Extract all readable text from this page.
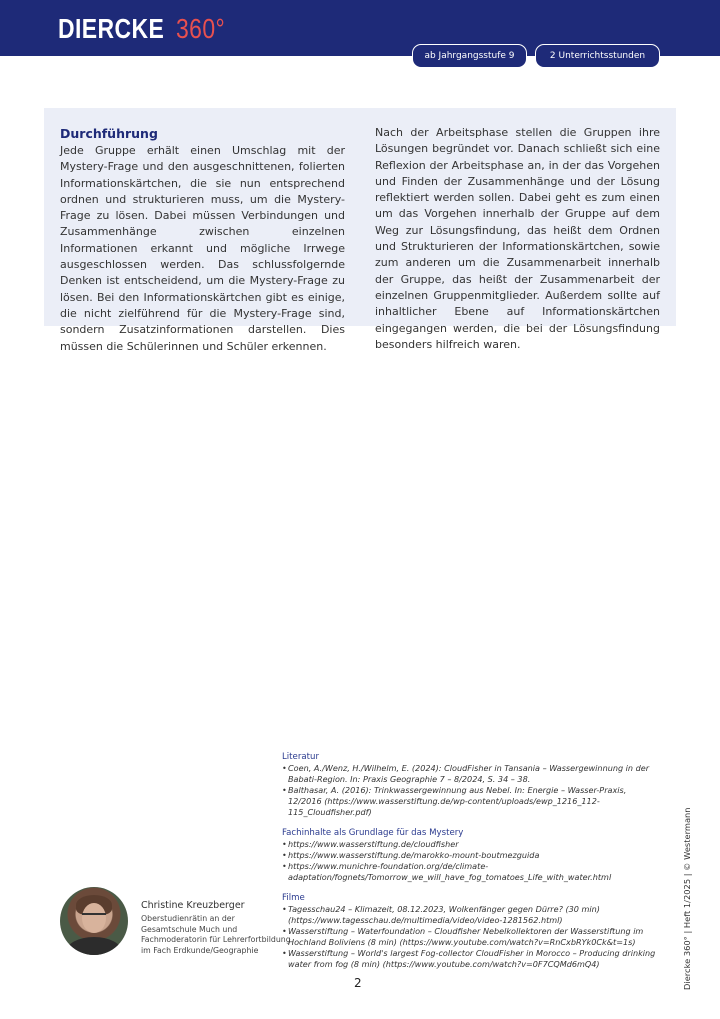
DIERCKE 360°
ab Jahrgangsstufe 9	2 Unterrichtsstunden
Durchführung

Jede Gruppe erhält einen Umschlag mit der Mystery-Frage und den ausgeschnittenen, folierten Informationskärtchen, die sie nun entsprechend ordnen und strukturieren muss, um die Mystery-Frage zu lösen. Dabei müssen Verbindungen und Zusammenhänge zwischen einzelnen Informationen erkannt und mögliche Irrwege ausgeschlossen werden. Das schlussfolgernde Denken ist entscheidend, um die Mystery-Frage zu lösen. Bei den Informationskärtchen gibt es einige, die nicht zielführend für die Mystery-Frage sind, sondern Zusatzinformationen darstellen. Dies müssen die Schülerinnen und Schüler erkennen.

Nach der Arbeitsphase stellen die Gruppen ihre Lösungen begründet vor. Danach schließt sich eine Reflexion der Arbeitsphase an, in der das Vorgehen und Finden der Zusammenhänge und der Lösung reflektiert werden sollen. Dabei geht es zum einen um das Vorgehen innerhalb der Gruppe auf dem Weg zur Lösungsfindung, das heißt dem Ordnen und Strukturieren der Informationskärtchen, sowie zum anderen um die Zusammenarbeit innerhalb der Gruppe, das heißt der Zusammenarbeit der einzelnen Gruppenmitglieder. Außerdem sollte auf inhaltlicher Ebene auf Informationskärtchen eingegangen werden, die bei der Lösungsfindung besonders hilfreich waren.

Literatur
• Coen, A./Wenz, H./Wilhelm, E. (2024): CloudFisher in Tansania – Wassergewinnung in der Babati-Region. In: Praxis Geographie 7 – 8/2024, S. 34 – 38.
• Balthasar, A. (2016): Trinkwassergewinnung aus Nebel. In: Energie – Wasser-Praxis, 12/2016 (https://www.wasserstiftung.de/wp-content/uploads/ewp_1216_112-115_Cloudfisher.pdf)
Fachinhalte als Grundlage für das Mystery
• https://www.wasserstiftung.de/cloudfisher
• https://www.wasserstiftung.de/marokko-mount-boutmezguida
• https://www.munichre-foundation.org/de/climate-adaptation/fognets/Tomorrow_we_will_have_fog_tomatoes_Life_with_water.html
Filme
• Tagesschau24 – Klimazeit, 08.12.2023, Wolkenfänger gegen Dürre? (30 min) (https://www.tagesschau.de/multimedia/video/video-1281562.html)
• Wasserstiftung – Waterfoundation – Cloudfisher Nebelkollektoren der Wasserstiftung im Hochland Boliviens (8 min) (https://www.youtube.com/watch?v=RnCxbRYk0Ck&t=1s)
• Wasserstiftung – World's largest Fog-collector CloudFisher in Morocco – Producing drinking water from fog (8 min) (https://www.youtube.com/watch?v=0F7CQMd6mQ4)
Christine Kreuzberger
Oberstudienrätin an der Gesamtschule Much und Fachmoderatorin für Lehrerfortbildung im Fach Erdkunde/Geographie
2	Diercke 360° | Heft 1/2025 | © Westermann
